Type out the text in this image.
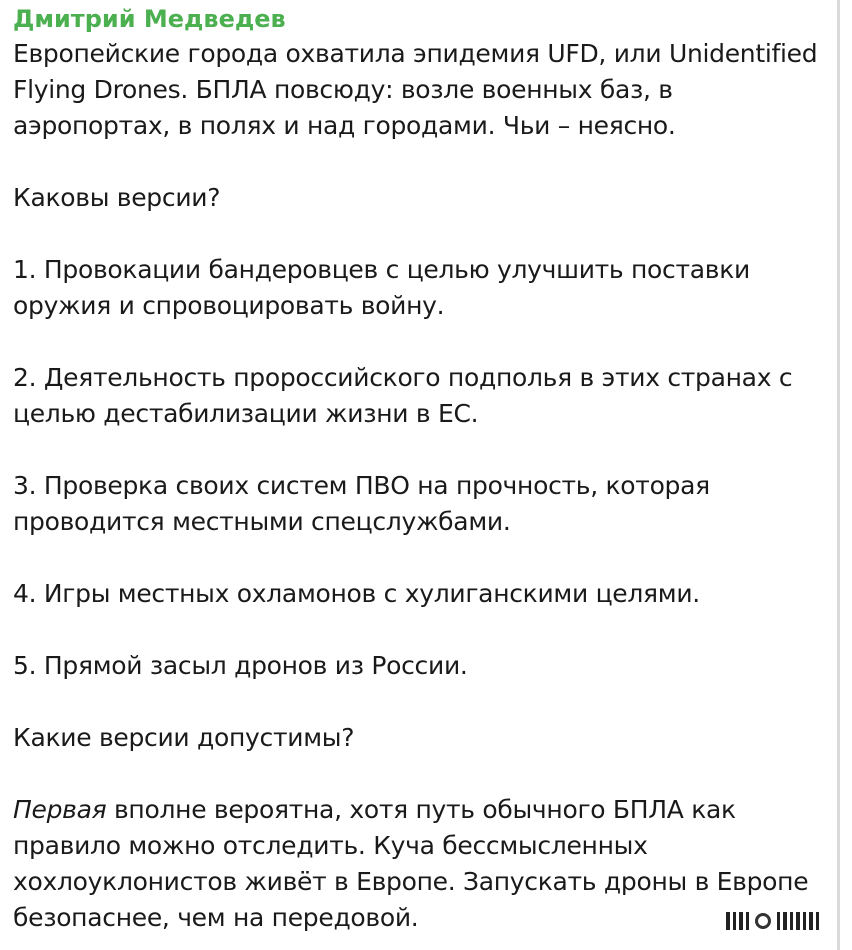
Дмитрий Медведев

Европейские города охватила эпидемия UFD, или Unidentified Flying Drones. БПЛА повсюду: возле военных баз, в аэропортах, в полях и над городами. Чьи – неясно.

Каковы версии?

1. Провокации бандеровцев с целью улучшить поставки оружия и спровоцировать войну.

2. Деятельность пророссийского подполья в этих странах с целью дестабилизации жизни в ЕС.

3. Проверка своих систем ПВО на прочность, которая проводится местными спецслужбами.

4. Игры местных охламонов с хулиганскими целями.

5. Прямой засыл дронов из России.

Какие версии допустимы?

Первая вполне вероятна, хотя путь обычного БПЛА как правило можно отследить. Куча бессмысленных хохлоуклонистов живёт в Европе. Запускать дроны в Европе безопаснее, чем на передовой.
